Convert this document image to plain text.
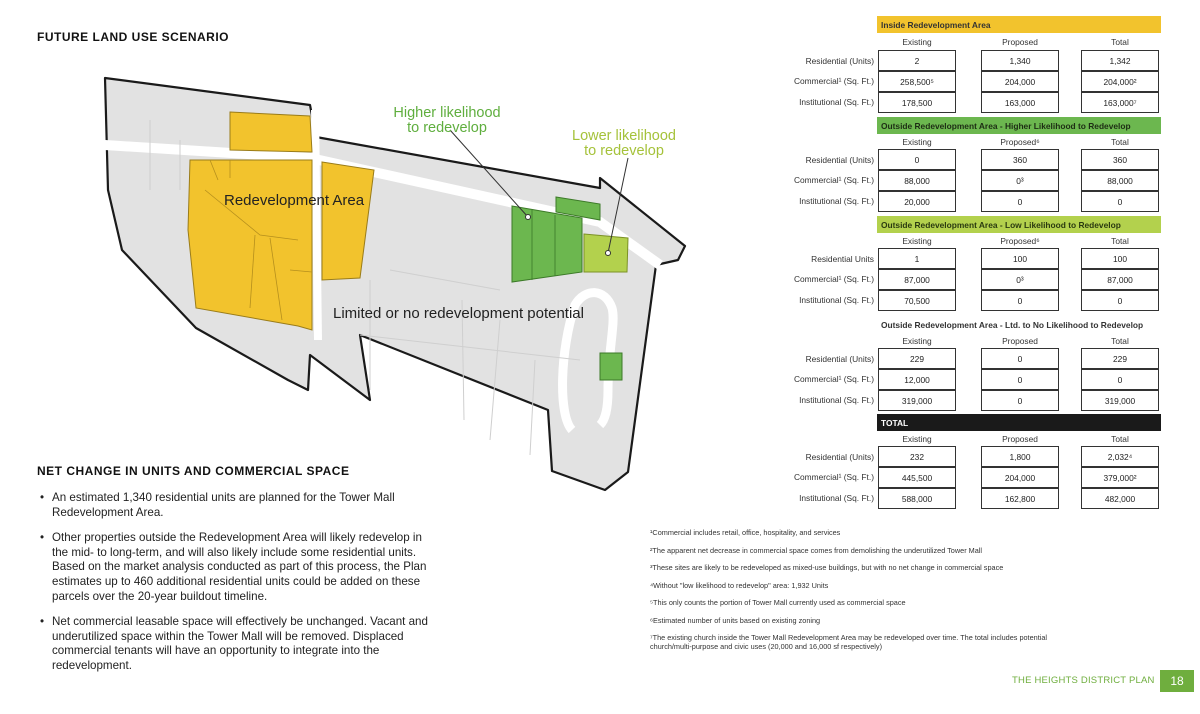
FUTURE LAND USE SCENARIO
Redevelopment Area
Limited or no redevelopment potential
Higher likelihood
to redevelop	Lower likelihood
to redevelop
NET CHANGE IN UNITS AND COMMERCIAL SPACE
• An estimated 1,340 residential units are planned for the Tower Mall Redevelopment Area.
• Other properties outside the Redevelopment Area will likely redevelop in the mid- to long-term, and will also likely include some residential units. Based on the market analysis conducted as part of this process, the Plan estimates up to 460 additional residential units could be added on these parcels over the 20-year buildout timeline.
• Net commercial leasable space will effectively be unchanged. Vacant and underutilized space within the Tower Mall will be removed. Displaced commercial tenants will have an opportunity to integrate into the redevelopment.
Inside Redevelopment Area
Existing	Proposed	Total
Residential (Units)	2	1,340	1,342
Commercial¹ (Sq. Ft.)	258,500⁵	204,000	204,000²
Institutional (Sq. Ft.)	178,500	163,000	163,000⁷
Outside Redevelopment Area - Higher Likelihood to Redevelop
Existing	Proposed⁶	Total
Residential (Units)	0	360	360
Commercial¹ (Sq. Ft.)	88,000	0³	88,000
Institutional (Sq. Ft.)	20,000	0	0
Outside Redevelopment Area - Low Likelihood to Redevelop
Existing	Proposed⁶	Total
Residential Units	1	100	100
Commercial¹ (Sq. Ft.)	87,000	0³	87,000
Institutional (Sq. Ft.)	70,500	0	0
Outside Redevelopment Area - Ltd. to No Likelihood to Redevelop
Existing	Proposed	Total
Residential (Units)	229	0	229
Commercial¹ (Sq. Ft.)	12,000	0	0
Institutional (Sq. Ft.)	319,000	0	319,000
TOTAL
Existing	Proposed	Total
Residential (Units)	232	1,800	2,032⁴
Commercial¹ (Sq. Ft.)	445,500	204,000	379,000²
Institutional (Sq. Ft.)	588,000	162,800	482,000
¹Commercial includes retail, office, hospitality, and services
²The apparent net decrease in commercial space comes from demolishing the underutilized Tower Mall
³These sites are likely to be redeveloped as mixed-use buildings, but with no net change in commercial space
⁴Without "low likelihood to redevelop" area: 1,932 Units
⁵This only counts the portion of Tower Mall currently used as commercial space
⁶Estimated number of units based on existing zoning
⁷The existing church inside the Tower Mall Redevelopment Area may be redeveloped over time. The total includes potential church/multi-purpose and civic uses (20,000 and 16,000 sf respectively)
THE HEIGHTS DISTRICT PLAN	18
